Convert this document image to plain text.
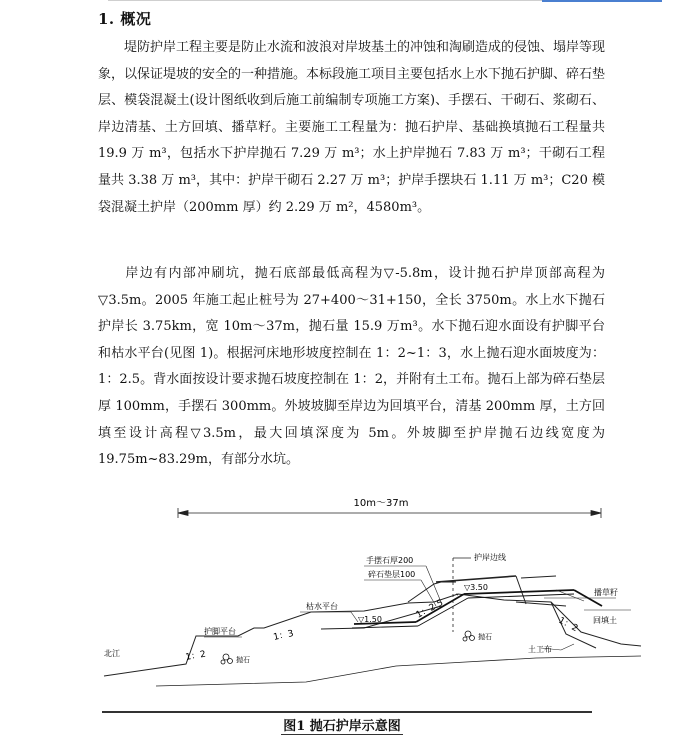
1. 概况
堤防护岸工程主要是防止水流和波浪对岸坡基土的冲蚀和淘刷造成的侵蚀、塌岸等现象，以保证堤坡的安全的一种措施。本标段施工项目主要包括水上水下抛石护脚、碎石垫层、模袋混凝土(设计图纸收到后施工前编制专项施工方案)、手摆石、干砌石、浆砌石、岸边清基、土方回填、播草籽。主要施工工程量为：抛石护岸、基础换填抛石工程量共 19.9 万 m³，包括水下护岸抛石 7.29 万 m³；水上护岸抛石 7.83 万 m³；干砌石工程量共 3.38 万 m³，其中：护岸干砌石 2.27 万 m³；护岸手摆块石 1.11 万 m³；C20 模袋混凝土护岸（200mm 厚）约 2.29 万 m²，4580m³。
岸边有内部冲刷坑，抛石底部最低高程为▽-5.8m，设计抛石护岸顶部高程为▽3.5m。2005 年施工起止桩号为 27+400～31+150，全长 3750m。水上水下抛石护岸长 3.75km，宽 10m～37m，抛石量 15.9 万m³。水下抛石迎水面设有护脚平台和枯水平台(见图 1)。根据河床地形坡度控制在 1：2~1：3，水上抛石迎水面坡度为：1：2.5。背水面按设计要求抛石坡度控制在 1：2，并附有土工布。抛石上部为碎石垫层厚 100mm，手摆石 300mm。外坡坡脚至岸边为回填平台，清基 200mm 厚，土方回填至设计高程▽3.5m，最大回填深度为 5m。外坡脚至护岸抛石边线宽度为 19.75m~83.29m，有部分水坑。
10m～37m
手摆石厚200
碎石垫层100
护岸边线
枯水平台
护脚平台
1：2
1：3
1：2.5
1：2
▽1.50
▽3.50
播草籽
回填土
土工布
抛石
抛石
北江
图1 抛石护岸示意图
